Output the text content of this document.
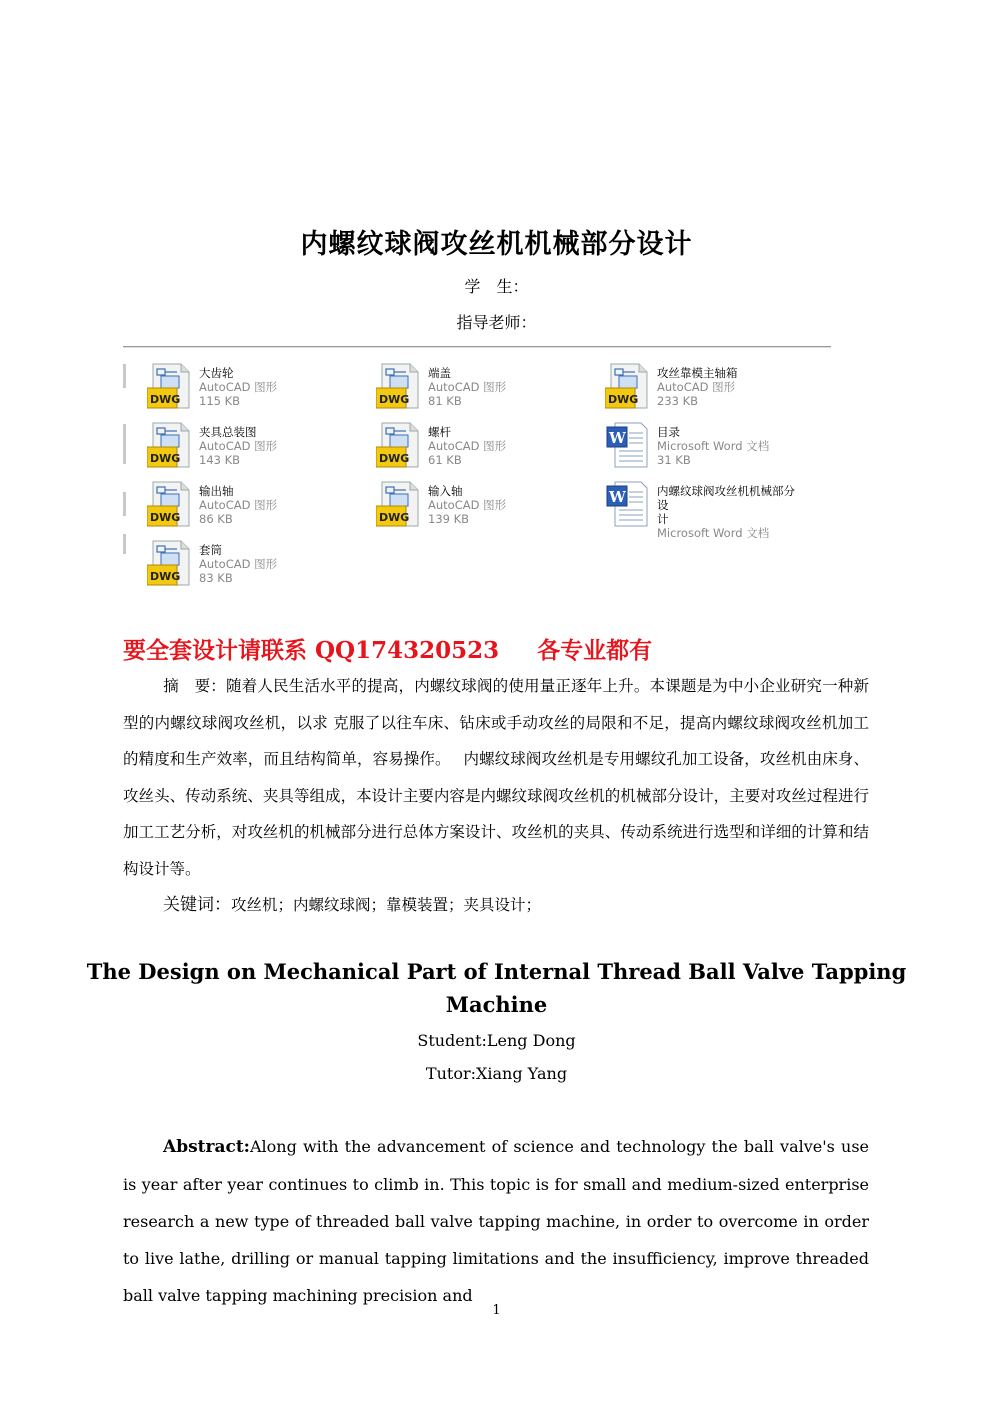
内螺纹球阀攻丝机机械部分设计
学　生：
指导老师：
DWG
大齿轮
AutoCAD 图形
115 KB	DWG
端盖
AutoCAD 图形
81 KB	DWG
攻丝靠模主轴箱
AutoCAD 图形
233 KB
DWG
夹具总装图
AutoCAD 图形
143 KB	DWG
螺杆
AutoCAD 图形
61 KB
W	目录
Microsoft Word 文档
31 KB
DWG
输出轴
AutoCAD 图形
86 KB	DWG
输入轴
AutoCAD 图形
139 KB
W	内螺纹球阀攻丝机机械部分设
计
Microsoft Word 文档
DWG
套筒
AutoCAD 图形
83 KB
要全套设计请联系 QQ174320523 各专业都有
摘　要：随着人民生活水平的提高，内螺纹球阀的使用量正逐年上升。本课题是为中小企业研究一种新型的内螺纹球阀攻丝机，以求 克服了以往车床、钻床或手动攻丝的局限和不足，提高内螺纹球阀攻丝机加工的精度和生产效率，而且结构简单，容易操作。　 内螺纹球阀攻丝机是专用螺纹孔加工设备，攻丝机由床身、攻丝头、传动系统、夹具等组成，本设计主要内容是内螺纹球阀攻丝机的机械部分设计，主要对攻丝过程进行加工工艺分析，对攻丝机的机械部分进行总体方案设计、攻丝机的夹具、传动系统进行选型和详细的计算和结构设计等。
关键词：攻丝机；内螺纹球阀；靠模装置；夹具设计；
The Design on Mechanical Part of Internal Thread Ball Valve Tapping
Machine
Student:Leng Dong
Tutor:Xiang Yang
Abstract:Along with the advancement of science and technology the ball valve's use is year after year continues to climb in. This topic is for small and medium-sized enterprise research a new type of threaded ball valve tapping machine, in order to overcome in order to live lathe, drilling or manual tapping limitations and the insufficiency, improve threaded ball valve tapping machining precision and
1
